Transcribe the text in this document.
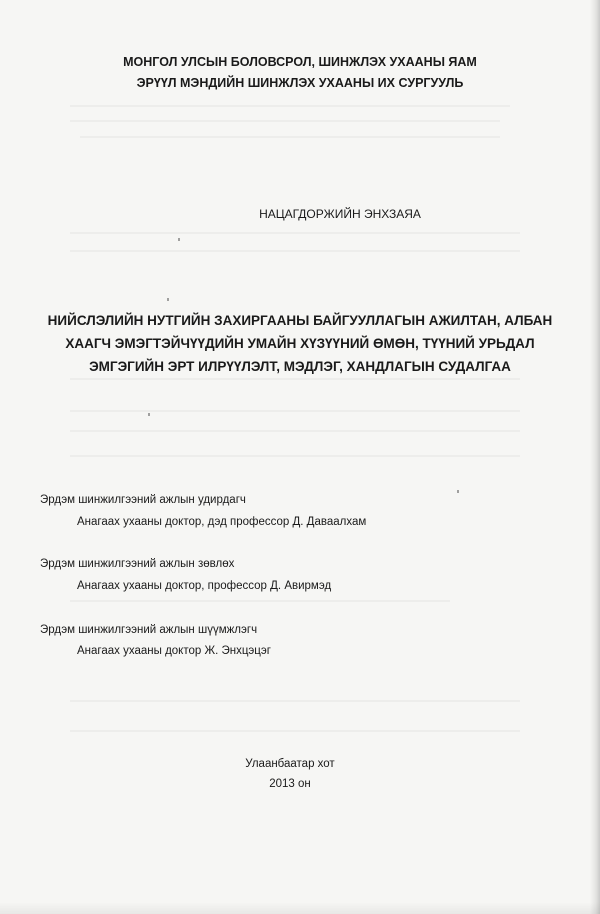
МОНГОЛ УЛСЫН БОЛОВСРОЛ, ШИНЖЛЭХ УХААНЫ ЯАМ
ЭРҮҮЛ МЭНДИЙН ШИНЖЛЭХ УХААНЫ ИХ СУРГУУЛЬ
НАЦАГДОРЖИЙН ЭНХЗАЯА
НИЙСЛЭЛИЙН НУТГИЙН ЗАХИРГААНЫ БАЙГУУЛЛАГЫН АЖИЛТАН, АЛБАН
ХААГЧ ЭМЭГТЭЙЧҮҮДИЙН УМАЙН ХҮЗҮҮНИЙ ӨМӨН, ТҮҮНИЙ УРЬДАЛ
ЭМГЭГИЙН ЭРТ ИЛРҮҮЛЭЛТ, МЭДЛЭГ, ХАНДЛАГЫН СУДАЛГАА
Эрдэм шинжилгээний ажлын удирдагч
Анагаах ухааны доктор, дэд профессор Д. Даваалхам
Эрдэм шинжилгээний ажлын зөвлөх
Анагаах ухааны доктор, профессор Д. Авирмэд
Эрдэм шинжилгээний ажлын шүүмжлэгч
Анагаах ухааны доктор Ж. Энхцэцэг
Улаанбаатар хот
2013 он
